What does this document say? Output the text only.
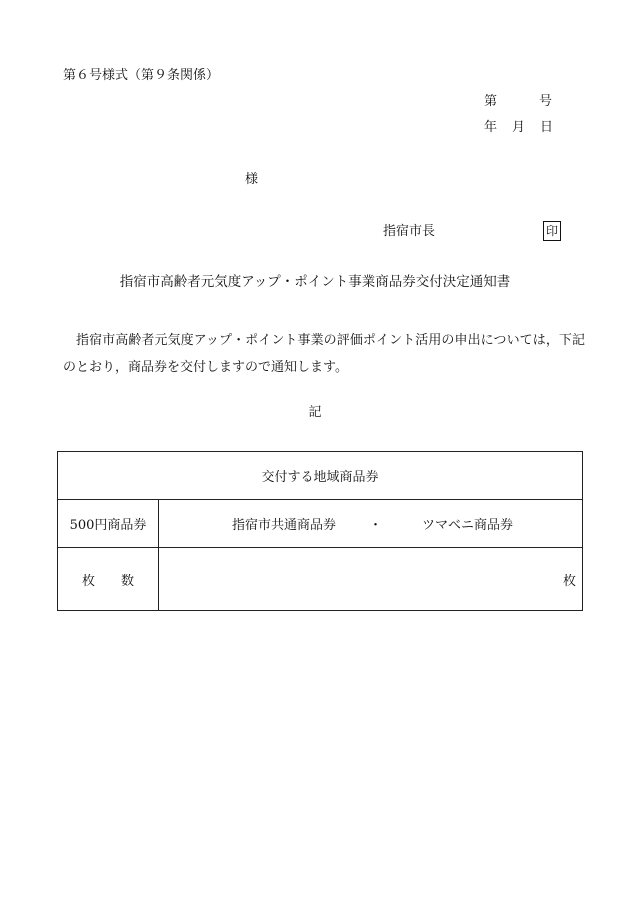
第６号様式（第９条関係）
第	号
年 月 日
様
指宿市長	印
指宿市高齢者元気度アップ・ポイント事業商品券交付決定通知書
指宿市高齢者元気度アップ・ポイント事業の評価ポイント活用の申出については，下記のとおり，商品券を交付しますので通知します。
記
交付する地域商品券	
500円商品券	指宿市共通商品券 ・ ツマベニ商品券
枚 数	枚
